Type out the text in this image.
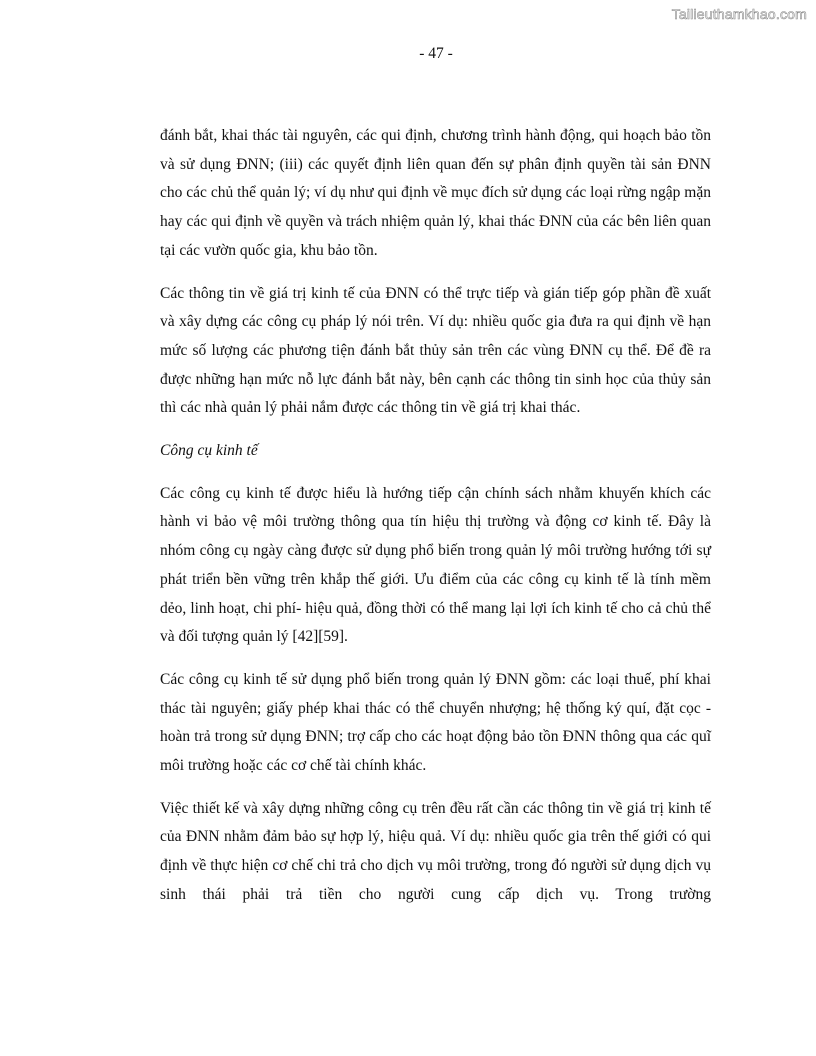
Tailieuthamkhao.com
- 47 -

đánh bắt, khai thác tài nguyên, các qui định, chương trình hành động, qui hoạch bảo tồn và sử dụng ĐNN; (iii) các quyết định liên quan đến sự phân định quyền tài sản ĐNN cho các chủ thể quản lý; ví dụ như qui định về mục đích sử dụng các loại rừng ngập mặn hay các qui định về quyền và trách nhiệm quản lý, khai thác ĐNN của các bên liên quan tại các vườn quốc gia, khu bảo tồn.

Các thông tin về giá trị kinh tế của ĐNN có thể trực tiếp và gián tiếp góp phần đề xuất và xây dựng các công cụ pháp lý nói trên. Ví dụ: nhiều quốc gia đưa ra qui định về hạn mức số lượng các phương tiện đánh bắt thủy sản trên các vùng ĐNN cụ thể. Để đề ra được những hạn mức nỗ lực đánh bắt này, bên cạnh các thông tin sinh học của thủy sản thì các nhà quản lý phải nắm được các thông tin về giá trị khai thác.

Công cụ kinh tế

Các công cụ kinh tế được hiểu là hướng tiếp cận chính sách nhằm khuyến khích các hành vi bảo vệ môi trường thông qua tín hiệu thị trường và động cơ kinh tế. Đây là nhóm công cụ ngày càng được sử dụng phổ biến trong quản lý môi trường hướng tới sự phát triển bền vững trên khắp thế giới. Ưu điểm của các công cụ kinh tế là tính mềm dẻo, linh hoạt, chi phí- hiệu quả, đồng thời có thể mang lại lợi ích kinh tế cho cả chủ thể và đối tượng quản lý [42][59].

Các công cụ kinh tế sử dụng phổ biến trong quản lý ĐNN gồm: các loại thuế, phí khai thác tài nguyên; giấy phép khai thác có thể chuyển nhượng; hệ thống ký quí, đặt cọc - hoàn trả trong sử dụng ĐNN; trợ cấp cho các hoạt động bảo tồn ĐNN thông qua các quĩ môi trường hoặc các cơ chế tài chính khác.

Việc thiết kế và xây dựng những công cụ trên đều rất cần các thông tin về giá trị kinh tế của ĐNN nhằm đảm bảo sự hợp lý, hiệu quả. Ví dụ: nhiều quốc gia trên thế giới có qui định về thực hiện cơ chế chi trả cho dịch vụ môi trường, trong đó người sử dụng dịch vụ sinh thái phải trả tiền cho người cung cấp dịch vụ. Trong trường
